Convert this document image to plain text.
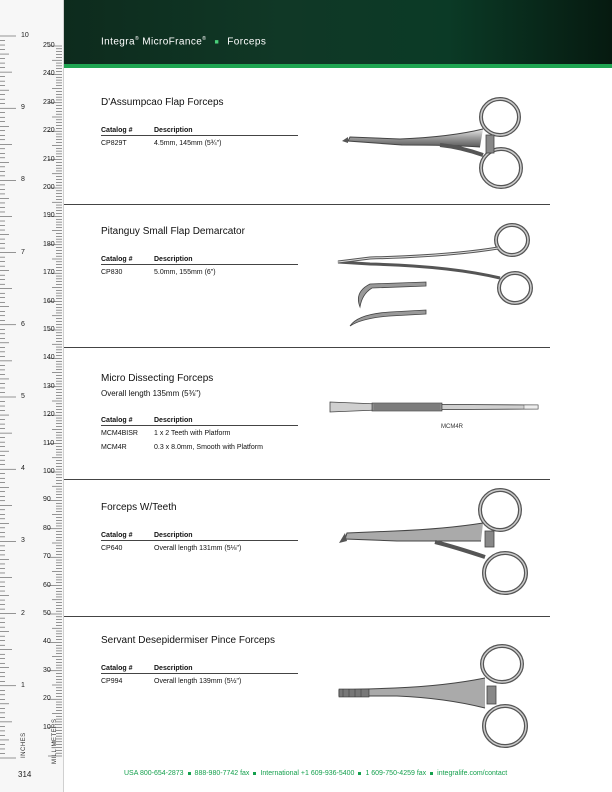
INCHES	MILLIMETERS
250
240
230
220
210
200
190
180
170
160
150
140
130
120
110
100
90
80
70
60
50
40
30
20
10
10
9
8
7
6
5
4
3
2
1
314
Integra® MicroFrance® ■ Forceps
D'Assumpcao Flap Forceps
Catalog #	Description
CP829T	4.5mm, 145mm (5¾")
Pitanguy Small Flap Demarcator
Catalog #	Description
CP830	5.0mm, 155mm (6")
Micro Dissecting Forceps
Overall length 135mm (5⅜")
Catalog #	Description
MCM4BISR	1 x 2 Teeth with Platform
MCM4R	0.3 x 8.0mm, Smooth with Platform
MCM4R
Forceps W/Teeth
Catalog #	Description
CP640	Overall length 131mm (5⅛")
Servant Desepidermiser Pince Forceps
Catalog #	Description
CP994	Overall length 139mm (5½")
USA 800-654-2873 888-980-7742 fax International +1 609-936-5400 1 609-750-4259 fax integralife.com/contact
